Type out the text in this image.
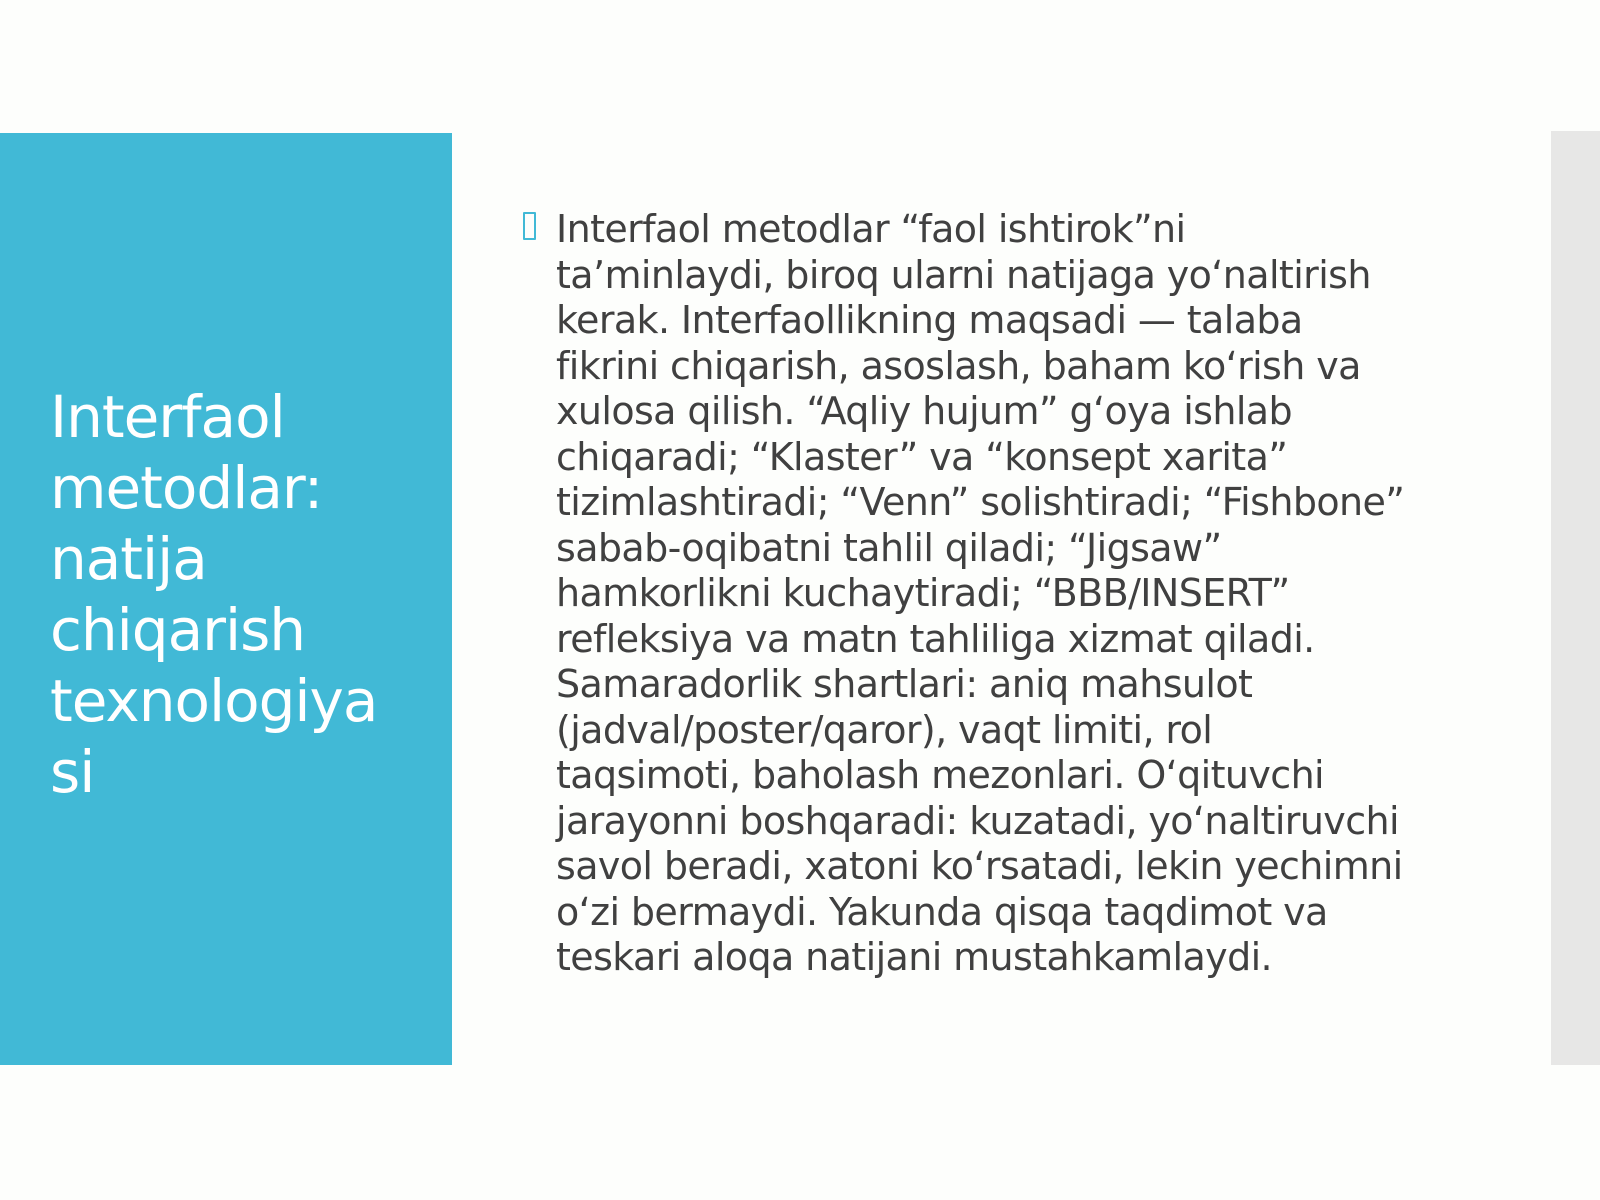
Interfaol
metodlar:
natija
chiqarish
texnologiya
si

Interfaol metodlar “faol ishtirok”ni
ta’minlaydi, biroq ularni natijaga yo‘naltirish
kerak. Interfaollikning maqsadi — talaba
fikrini chiqarish, asoslash, baham ko‘rish va
xulosa qilish. “Aqliy hujum” g‘oya ishlab
chiqaradi; “Klaster” va “konsept xarita”
tizimlashtiradi; “Venn” solishtiradi; “Fishbone”
sabab-oqibatni tahlil qiladi; “Jigsaw”
hamkorlikni kuchaytiradi; “BBB/INSERT”
refleksiya va matn tahliliga xizmat qiladi.
Samaradorlik shartlari: aniq mahsulot
(jadval/poster/qaror), vaqt limiti, rol
taqsimoti, baholash mezonlari. O‘qituvchi
jarayonni boshqaradi: kuzatadi, yo‘naltiruvchi
savol beradi, xatoni ko‘rsatadi, lekin yechimni
o‘zi bermaydi. Yakunda qisqa taqdimot va
teskari aloqa natijani mustahkamlaydi.
